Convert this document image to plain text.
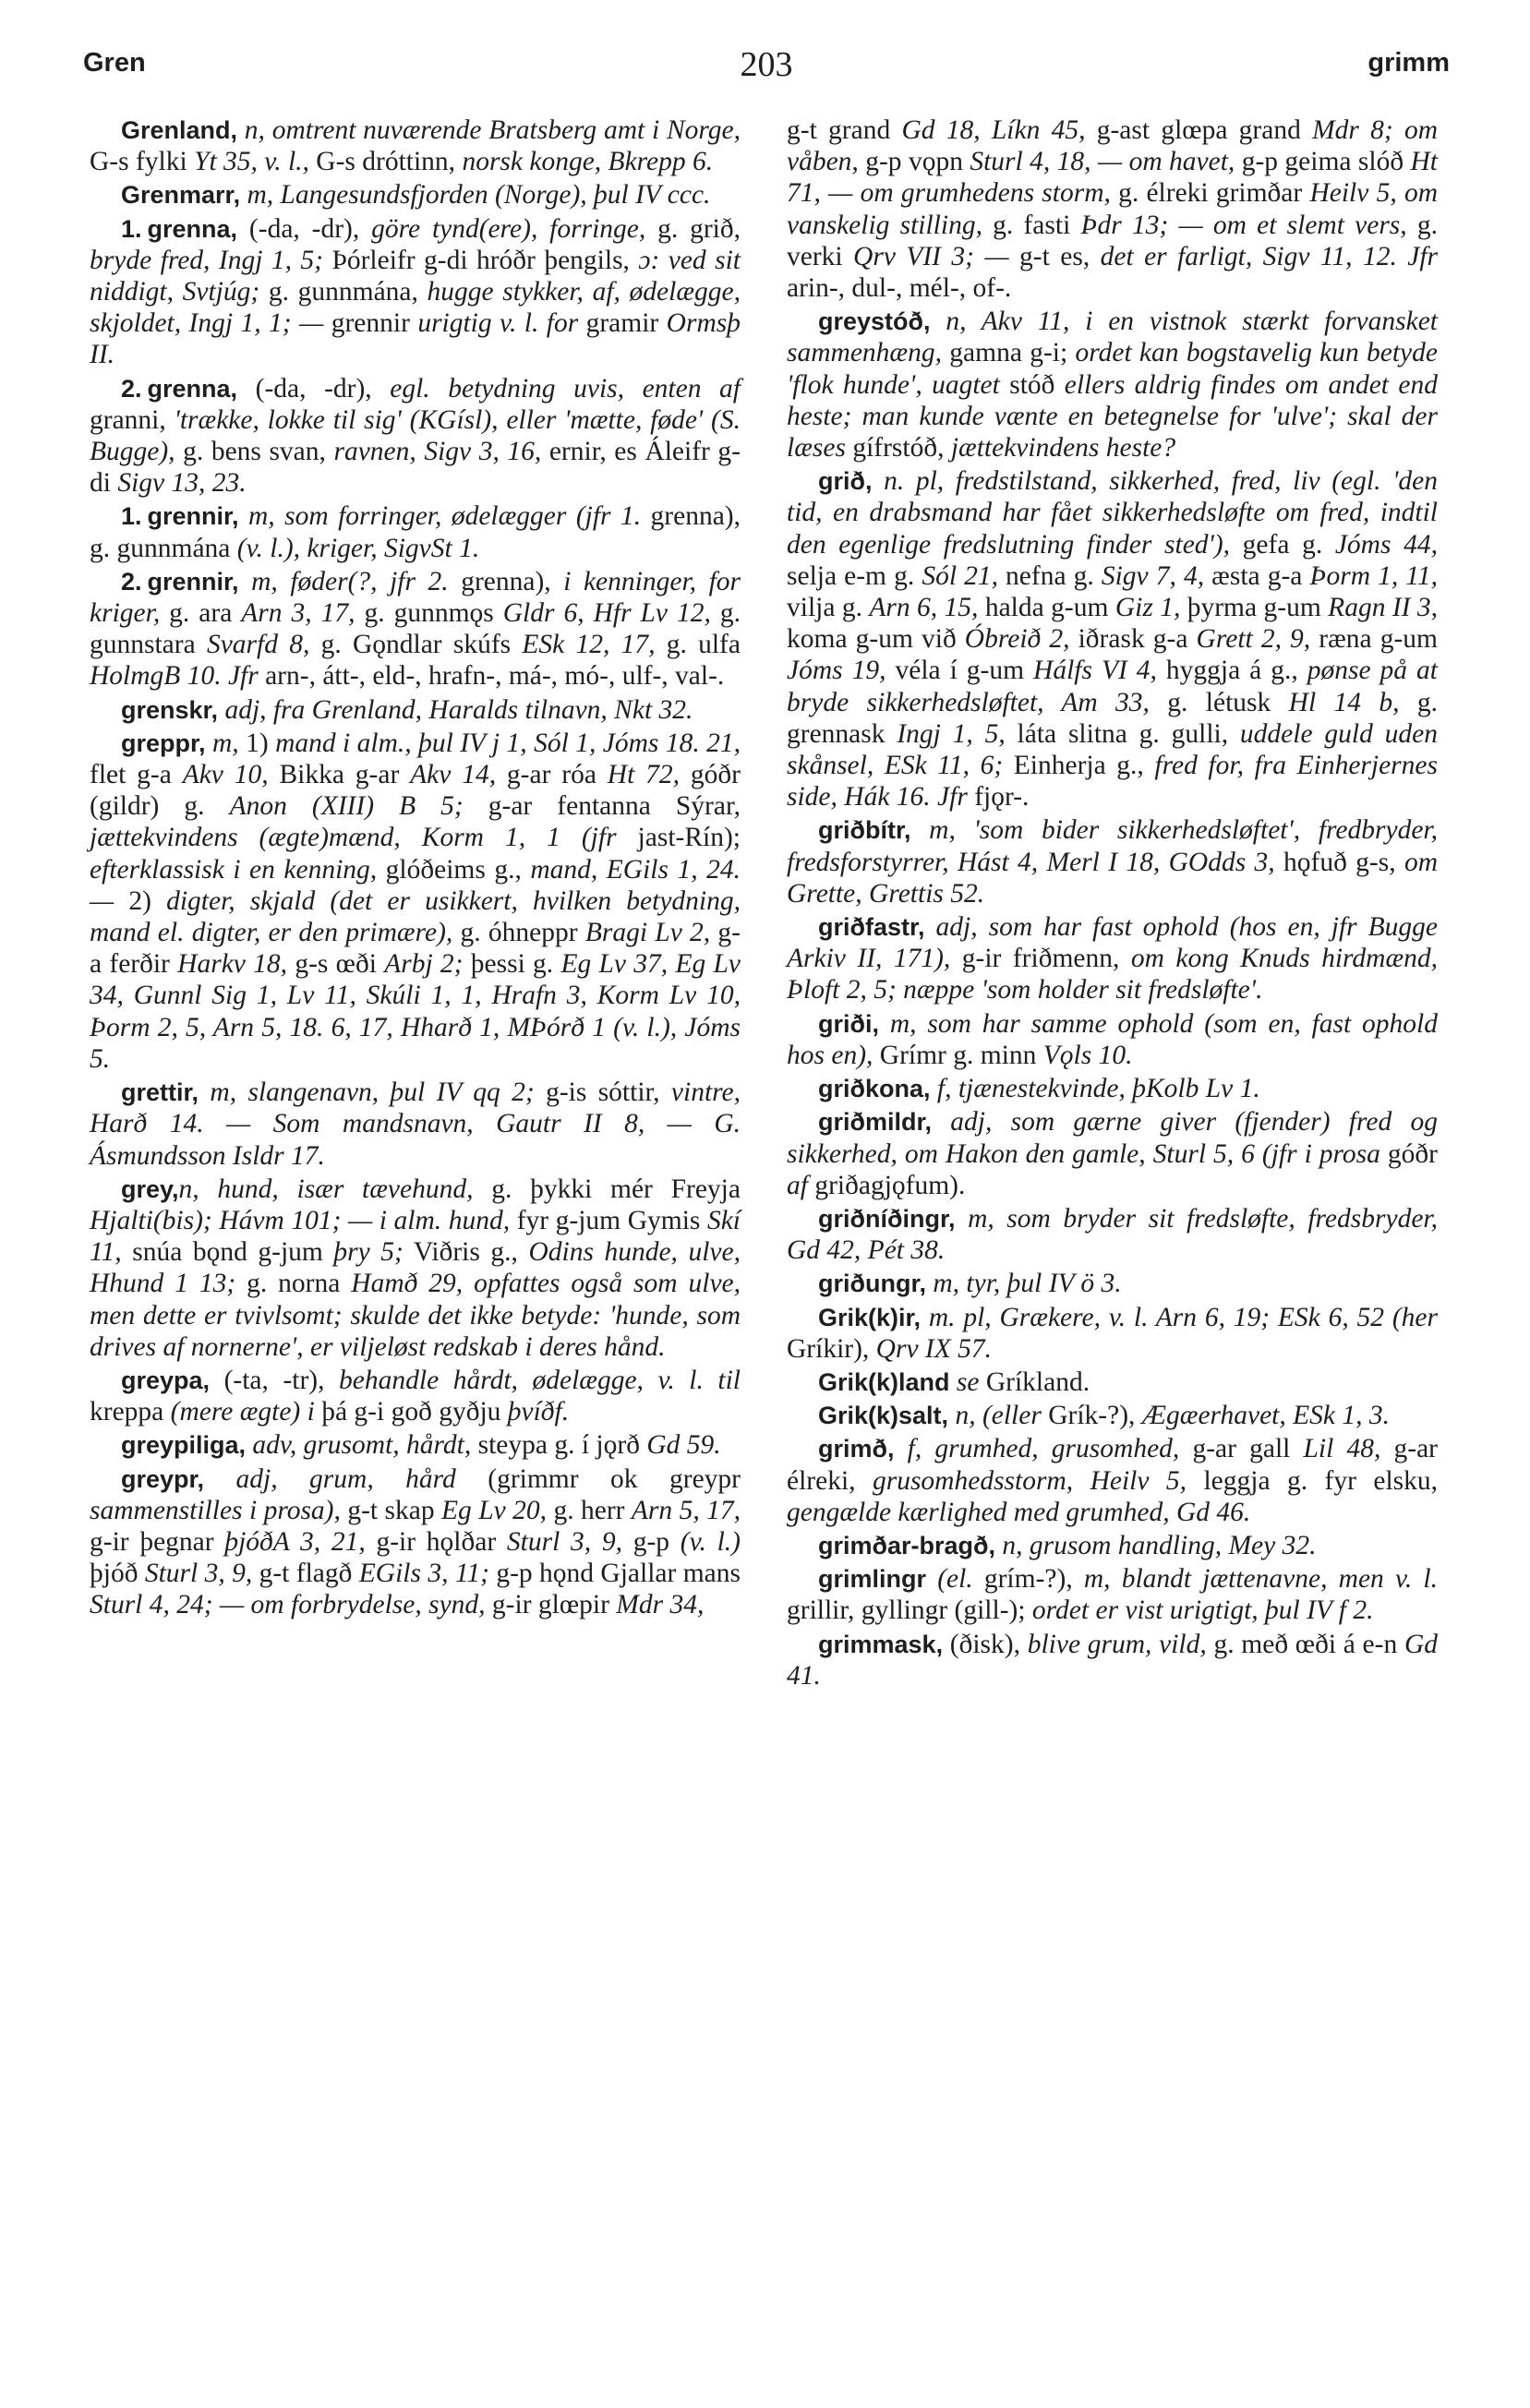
Gren	203	grimm

Grenland, n, omtrent nuværende Bratsberg amt i Norge, G-s fylki Yt 35, v. l., G-s dróttinn, norsk konge, Bkrepp 6.

Grenmarr, m, Langesundsfjorden (Norge), þul IV ccc.

1. grenna, (-da, -dr), göre tynd(ere), forringe, g. grið, bryde fred, Ingj 1, 5; Þórleifr g-di hróðr þengils, ɔ: ved sit niddigt, Svtjúg; g. gunnmána, hugge stykker, af, ødelægge, skjoldet, Ingj 1, 1; — grennir urigtig v. l. for gramir Ormsþ II.

2. grenna, (-da, -dr), egl. betydning uvis, enten af granni, 'trække, lokke til sig' (KGísl), eller 'mætte, føde' (S. Bugge), g. bens svan, ravnen, Sigv 3, 16, ernir, es Áleifr g-di Sigv 13, 23.

1. grennir, m, som forringer, ødelægger (jfr 1. grenna), g. gunnmána (v. l.), kriger, SigvSt 1.

2. grennir, m, føder(?, jfr 2. grenna), i kenninger, for kriger, g. ara Arn 3, 17, g. gunnmǫs Gldr 6, Hfr Lv 12, g. gunnstara Svarfd 8, g. Gǫndlar skúfs ESk 12, 17, g. ulfa HolmgB 10. Jfr arn-, átt-, eld-, hrafn-, má-, mó-, ulf-, val-.

grenskr, adj, fra Grenland, Haralds tilnavn, Nkt 32.

greppr, m, 1) mand i alm., þul IV j 1, Sól 1, Jóms 18. 21, flet g-a Akv 10, Bikka g-ar Akv 14, g-ar róa Ht 72, góðr (gildr) g. Anon (XIII) B 5; g-ar fentanna Sýrar, jættekvindens (ægte)mænd, Korm 1, 1 (jfr jast-Rín); efterklassisk i en kenning, glóðeims g., mand, EGils 1, 24. — 2) digter, skjald (det er usikkert, hvilken betydning, mand el. digter, er den primære), g. óhneppr Bragi Lv 2, g-a ferðir Harkv 18, g-s œði Arbj 2; þessi g. Eg Lv 37, Eg Lv 34, Gunnl Sig 1, Lv 11, Skúli 1, 1, Hrafn 3, Korm Lv 10, Þorm 2, 5, Arn 5, 18. 6, 17, Hharð 1, MÞórð 1 (v. l.), Jóms 5.

grettir, m, slangenavn, þul IV qq 2; g-is sóttir, vintre, Harð 14. — Som mandsnavn, Gautr II 8, — G. Ásmundsson Isldr 17.

grey,n, hund, især tævehund, g. þykki mér Freyja Hjalti(bis); Hávm 101; — i alm. hund, fyr g-jum Gymis Skí 11, snúa bǫnd g-jum þry 5; Viðris g., Odins hunde, ulve, Hhund 1 13; g. norna Hamð 29, opfattes også som ulve, men dette er tvivlsomt; skulde det ikke betyde: 'hunde, som drives af nornerne', er viljeløst redskab i deres hånd.

greypa, (-ta, -tr), behandle hårdt, ødelægge, v. l. til kreppa (mere ægte) i þá g-i goð gyðju þvíðf.

greypiliga, adv, grusomt, hårdt, steypa g. í jǫrð Gd 59.

greypr, adj, grum, hård (grimmr ok greypr sammenstilles i prosa), g-t skap Eg Lv 20, g. herr Arn 5, 17, g-ir þegnar þjóðA 3, 21, g-ir hǫlðar Sturl 3, 9, g-p (v. l.) þjóð Sturl 3, 9, g-t flagð EGils 3, 11; g-p hǫnd Gjallar mans Sturl 4, 24; — om forbrydelse, synd, g-ir glœpir Mdr 34,

g-t grand Gd 18, Líkn 45, g-ast glœpa grand Mdr 8; om våben, g-p vǫpn Sturl 4, 18, — om havet, g-p geima slóð Ht 71, — om grumhedens storm, g. élreki grimðar Heilv 5, om vanskelig stilling, g. fasti Þdr 13; — om et slemt vers, g. verki Qrv VII 3; — g-t es, det er farligt, Sigv 11, 12. Jfr arin-, dul-, mél-, of-.

greystóð, n, Akv 11, i en vistnok stærkt forvansket sammenhæng, gamna g-i; ordet kan bogstavelig kun betyde 'flok hunde', uagtet stóð ellers aldrig findes om andet end heste; man kunde vænte en betegnelse for 'ulve'; skal der læses gífrstóð, jættekvindens heste?

grið, n. pl, fredstilstand, sikkerhed, fred, liv (egl. 'den tid, en drabsmand har fået sikkerhedsløfte om fred, indtil den egenlige fredslutning finder sted'), gefa g. Jóms 44, selja e-m g. Sól 21, nefna g. Sigv 7, 4, æsta g-a Þorm 1, 11, vilja g. Arn 6, 15, halda g-um Giz 1, þyrma g-um Ragn II 3, koma g-um við Óbreið 2, iðrask g-a Grett 2, 9, ræna g-um Jóms 19, véla í g-um Hálfs VI 4, hyggja á g., pønse på at bryde sikkerhedsløftet, Am 33, g. létusk Hl 14 b, g. grennask Ingj 1, 5, láta slitna g. gulli, uddele guld uden skånsel, ESk 11, 6; Einherja g., fred for, fra Einherjernes side, Hák 16. Jfr fjǫr-.

griðbítr, m, 'som bider sikkerhedsløftet', fredbryder, fredsforstyrrer, Hást 4, Merl I 18, GOdds 3, hǫfuð g-s, om Grette, Grettis 52.

griðfastr, adj, som har fast ophold (hos en, jfr Bugge Arkiv II, 171), g-ir friðmenn, om kong Knuds hirdmænd, Þloft 2, 5; næppe 'som holder sit fredsløfte'.

griði, m, som har samme ophold (som en, fast ophold hos en), Grímr g. minn Vǫls 10.

griðkona, f, tjænestekvinde, þKolb Lv 1.

griðmildr, adj, som gærne giver (fjender) fred og sikkerhed, om Hakon den gamle, Sturl 5, 6 (jfr i prosa góðr af griðagjǫfum).

griðníðingr, m, som bryder sit fredsløfte, fredsbryder, Gd 42, Pét 38.

griðungr, m, tyr, þul IV ö 3.

Grik(k)ir, m. pl, Grækere, v. l. Arn 6, 19; ESk 6, 52 (her Gríkir), Qrv IX 57.

Grik(k)land se Gríkland.

Grik(k)salt, n, (eller Grík-?), Ægæerhavet, ESk 1, 3.

grimð, f, grumhed, grusomhed, g-ar gall Lil 48, g-ar élreki, grusomhedsstorm, Heilv 5, leggja g. fyr elsku, gengælde kærlighed med grumhed, Gd 46.

grimðar-bragð, n, grusom handling, Mey 32.

grimlingr (el. grím-?), m, blandt jættenavne, men v. l. grillir, gyllingr (gill-); ordet er vist urigtigt, þul IV f 2.

grimmask, (ðisk), blive grum, vild, g. með œði á e-n Gd 41.
